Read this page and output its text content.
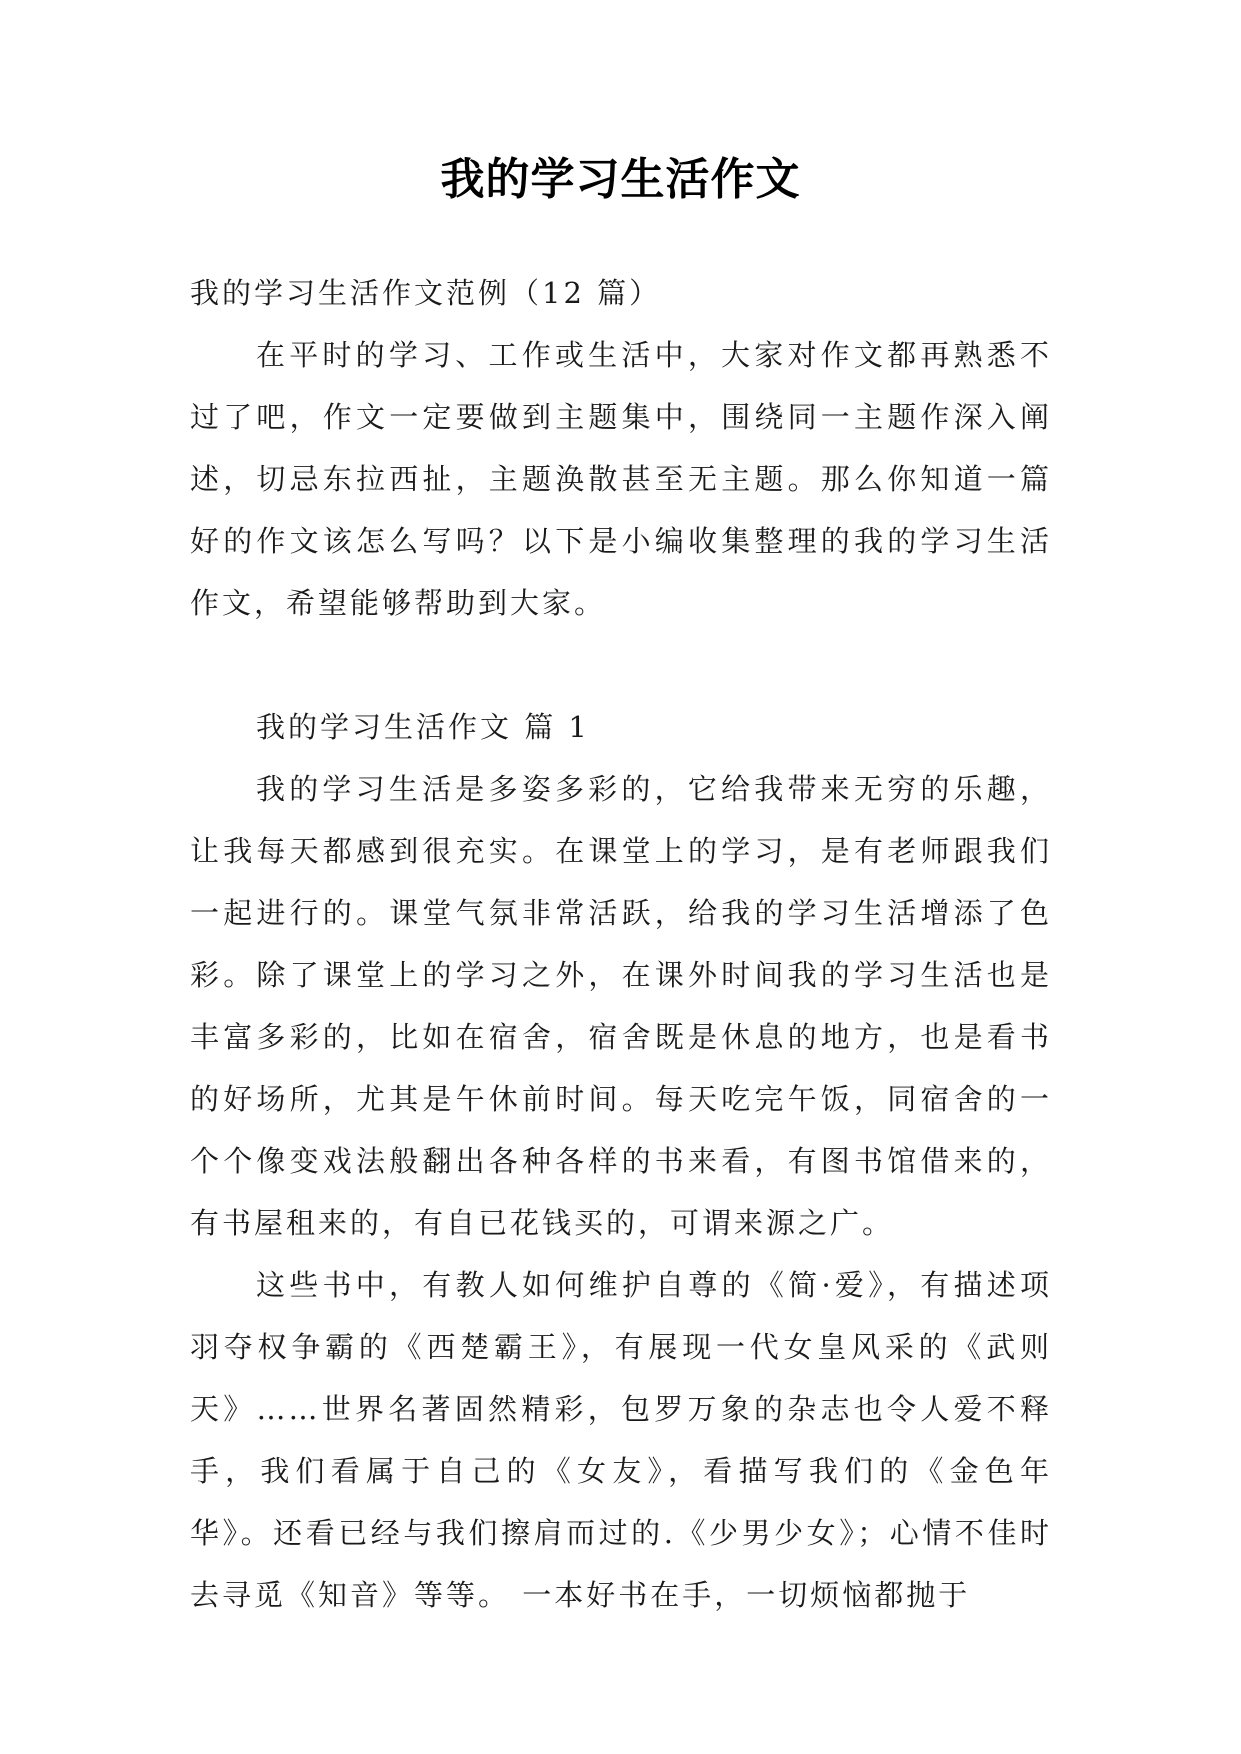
我的学习生活作文

我的学习生活作文范例（12 篇）

在平时的学习、工作或生活中，大家对作文都再熟悉不过了吧，作文一定要做到主题集中，围绕同一主题作深入阐述，切忌东拉西扯，主题涣散甚至无主题。那么你知道一篇好的作文该怎么写吗？以下是小编收集整理的我的学习生活作文，希望能够帮助到大家。

我的学习生活作文 篇 1

我的学习生活是多姿多彩的，它给我带来无穷的乐趣，让我每天都感到很充实。在课堂上的学习，是有老师跟我们一起进行的。课堂气氛非常活跃，给我的学习生活增添了色彩。除了课堂上的学习之外，在课外时间我的学习生活也是丰富多彩的，比如在宿舍，宿舍既是休息的地方，也是看书的好场所，尤其是午休前时间。每天吃完午饭，同宿舍的一个个像变戏法般翻出各种各样的书来看，有图书馆借来的，有书屋租来的，有自已花钱买的，可谓来源之广。

这些书中，有教人如何维护自尊的《简·爱》，有描述项羽夺权争霸的《西楚霸王》，有展现一代女皇风采的《武则天》……世界名著固然精彩，包罗万象的杂志也令人爱不释手，我们看属于自己的《女友》，看描写我们的《金色年华》。还看已经与我们擦肩而过的.《少男少女》；心情不佳时去寻觅《知音》等等。 一本好书在手，一切烦恼都抛于
